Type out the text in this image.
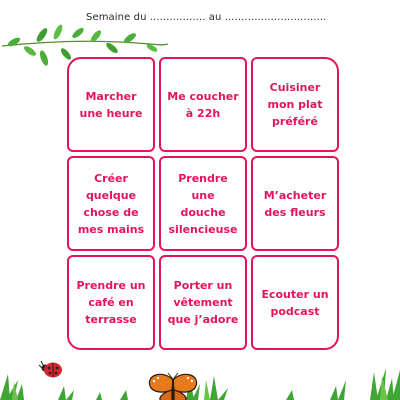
Semaine du ................. au ...............................
Marcher une heure
Me coucher à 22h
Cuisiner mon plat préféré
Créer quelque chose de mes mains
Prendre une douche silencieuse
M’acheter des fleurs
Prendre un café en terrasse
Porter un vêtement que j’adore
Ecouter un podcast
